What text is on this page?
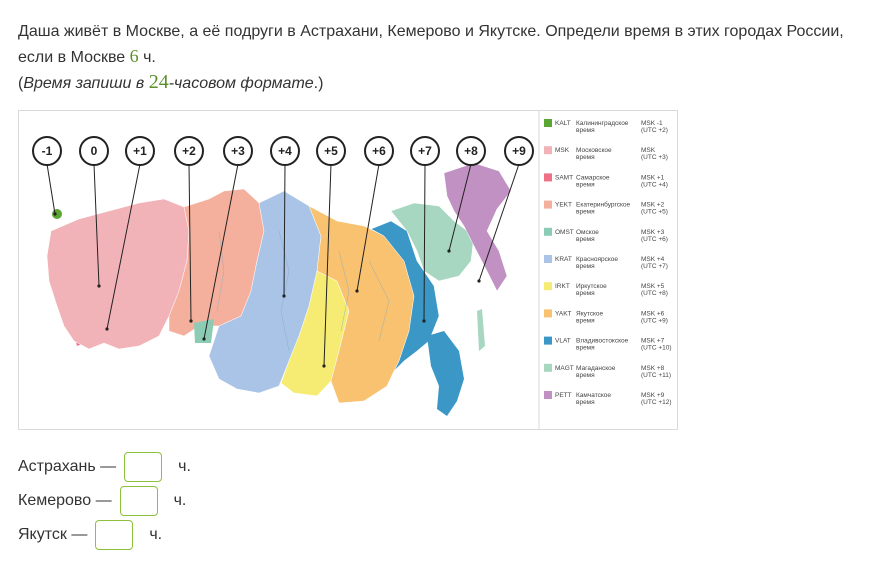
Даша живёт в Москве, а её подруги в Астрахани, Кемерово и Якутске. Определи время в этих городах России,
если в Москве 6 ч.
(Время запиши в 24-часовом формате.)
-1	0	+1	+2	+3	+4	+5	+6	+7	+8	+9
KALT Калининградское
время
MSK -1
(UTC +2)
MSK Московское
время
MSK
(UTC +3)
SAMT Самарское
время
MSK +1
(UTC +4)
YEKT Екатеринбургское
время
MSK +2
(UTC +5)
OMST Омское
время
MSK +3
(UTC +6)
KRAT Красноярское
время
MSK +4
(UTC +7)
IRKT Иркутское
время
MSK +5
(UTC +8)
YAKT Якутское
время
MSK +6
(UTC +9)
VLAT Владивостокское
время
MSK +7
(UTC +10)
MAGT Магаданское
время
MSK +8
(UTC +11)
PETT Камчатское
время
MSK +9
(UTC +12)
Астрахань —	ч.
Кемерово —	ч.
Якутск —	ч.
